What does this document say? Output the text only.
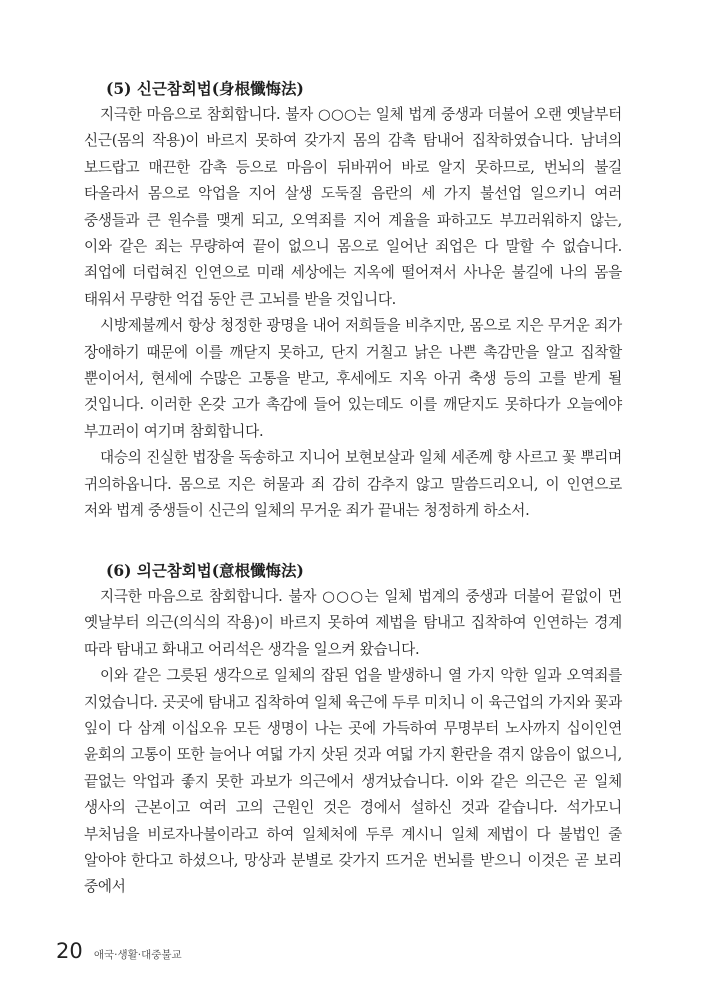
(5) 신근참회법(身根懺悔法)

지극한 마음으로 참회합니다. 불자 ○○○는 일체 법계 중생과 더불어 오랜 옛날부터 신근(몸의 작용)이 바르지 못하여 갖가지 몸의 감촉 탐내어 집착하였습니다. 남녀의 보드랍고 매끈한 감촉 등으로 마음이 뒤바뀌어 바로 알지 못하므로, 번뇌의 불길 타올라서 몸으로 악업을 지어 살생 도둑질 음란의 세 가지 불선업 일으키니 여러 중생들과 큰 원수를 맺게 되고, 오역죄를 지어 계율을 파하고도 부끄러워하지 않는, 이와 같은 죄는 무량하여 끝이 없으니 몸으로 일어난 죄업은 다 말할 수 없습니다. 죄업에 더럽혀진 인연으로 미래 세상에는 지옥에 떨어져서 사나운 불길에 나의 몸을 태워서 무량한 억겁 동안 큰 고뇌를 받을 것입니다.

시방제불께서 항상 청정한 광명을 내어 저희들을 비추지만, 몸으로 지은 무거운 죄가 장애하기 때문에 이를 깨닫지 못하고, 단지 거칠고 낡은 나쁜 촉감만을 알고 집착할 뿐이어서, 현세에 수많은 고통을 받고, 후세에도 지옥 아귀 축생 등의 고를 받게 될 것입니다. 이러한 온갖 고가 촉감에 들어 있는데도 이를 깨닫지도 못하다가 오늘에야 부끄러이 여기며 참회합니다.

대승의 진실한 법장을 독송하고 지니어 보현보살과 일체 세존께 향 사르고 꽃 뿌리며 귀의하옵니다. 몸으로 지은 허물과 죄 감히 감추지 않고 말씀드리오니, 이 인연으로 저와 법계 중생들이 신근의 일체의 무거운 죄가 끝내는 청정하게 하소서.

(6) 의근참회법(意根懺悔法)

지극한 마음으로 참회합니다. 불자 ○○○는 일체 법계의 중생과 더불어 끝없이 먼 옛날부터 의근(의식의 작용)이 바르지 못하여 제법을 탐내고 집착하여 인연하는 경계 따라 탐내고 화내고 어리석은 생각을 일으켜 왔습니다.

이와 같은 그릇된 생각으로 일체의 잡된 업을 발생하니 열 가지 악한 일과 오역죄를 지었습니다. 곳곳에 탐내고 집착하여 일체 육근에 두루 미치니 이 육근업의 가지와 꽃과 잎이 다 삼계 이십오유 모든 생명이 나는 곳에 가득하여 무명부터 노사까지 십이인연 윤회의 고통이 또한 늘어나 여덟 가지 삿된 것과 여덟 가지 환란을 겪지 않음이 없으니, 끝없는 악업과 좋지 못한 과보가 의근에서 생겨났습니다. 이와 같은 의근은 곧 일체 생사의 근본이고 여러 고의 근원인 것은 경에서 설하신 것과 같습니다. 석가모니 부처님을 비로자나불이라고 하여 일체처에 두루 계시니 일체 제법이 다 불법인 줄 알아야 한다고 하셨으나, 망상과 분별로 갖가지 뜨거운 번뇌를 받으니 이것은 곧 보리 중에서

20 애국·생활·대중불교
